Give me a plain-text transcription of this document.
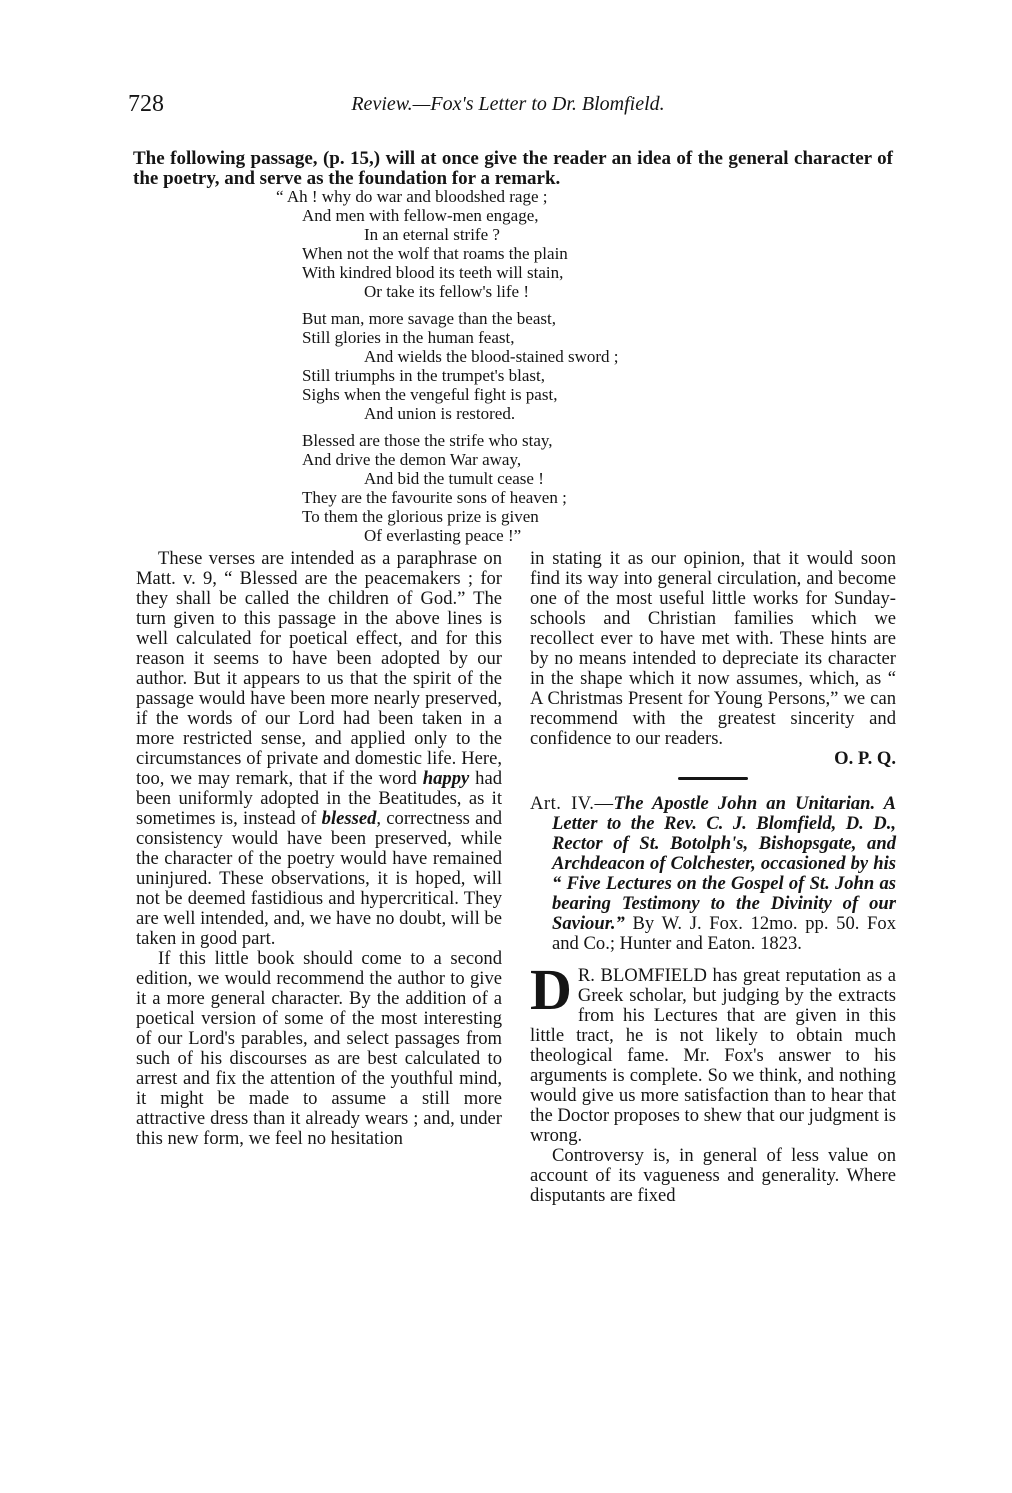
728	Review.—Fox's Letter to Dr. Blomfield.

The following passage, (p. 15,) will at once give the reader an idea of the general character of the poetry, and serve as the foundation for a remark.

“ Ah ! why do war and bloodshed rage ;
And men with fellow-men engage,
In an eternal strife ?
When not the wolf that roams the plain
With kindred blood its teeth will stain,
Or take its fellow's life !
But man, more savage than the beast,
Still glories in the human feast,
And wields the blood-stained sword ;
Still triumphs in the trumpet's blast,
Sighs when the vengeful fight is past,
And union is restored.
Blessed are those the strife who stay,
And drive the demon War away,
And bid the tumult cease !
They are the favourite sons of heaven ;
To them the glorious prize is given
Of everlasting peace !”

These verses are intended as a paraphrase on Matt. v. 9, “ Blessed are the peacemakers ; for they shall be called the children of God.” The turn given to this passage in the above lines is well calculated for poetical effect, and for this reason it seems to have been adopted by our author. But it appears to us that the spirit of the passage would have been more nearly preserved, if the words of our Lord had been taken in a more restricted sense, and applied only to the circumstances of private and domestic life. Here, too, we may remark, that if the word happy had been uniformly adopted in the Beatitudes, as it sometimes is, instead of blessed, correctness and consistency would have been preserved, while the character of the poetry would have remained uninjured. These observations, it is hoped, will not be deemed fastidious and hypercritical. They are well intended, and, we have no doubt, will be taken in good part.

If this little book should come to a second edition, we would recommend the author to give it a more general character. By the addition of a poetical version of some of the most interesting of our Lord's parables, and select passages from such of his discourses as are best calculated to arrest and fix the attention of the youthful mind, it might be made to assume a still more attractive dress than it already wears ; and, under this new form, we feel no hesitation

in stating it as our opinion, that it would soon find its way into general circulation, and become one of the most useful little works for Sunday-schools and Christian families which we recollect ever to have met with. These hints are by no means intended to depreciate its character in the shape which it now assumes, which, as “ A Christmas Present for Young Persons,” we can recommend with the greatest sincerity and confidence to our readers.

O. P. Q.

Art. IV.—The Apostle John an Unitarian. A Letter to the Rev. C. J. Blomfield, D. D., Rector of St. Botolph's, Bishopsgate, and Archdeacon of Colchester, occasioned by his “ Five Lectures on the Gospel of St. John as bearing Testimony to the Divinity of our Saviour.” By W. J. Fox. 12mo. pp. 50. Fox and Co.; Hunter and Eaton. 1823.

D R. BLOMFIELD has great reputation as a Greek scholar, but judging by the extracts from his Lectures that are given in this little tract, he is not likely to obtain much theological fame. Mr. Fox's answer to his arguments is complete. So we think, and nothing would give us more satisfaction than to hear that the Doctor proposes to shew that our judgment is wrong.

Controversy is, in general of less value on account of its vagueness and generality. Where disputants are fixed
